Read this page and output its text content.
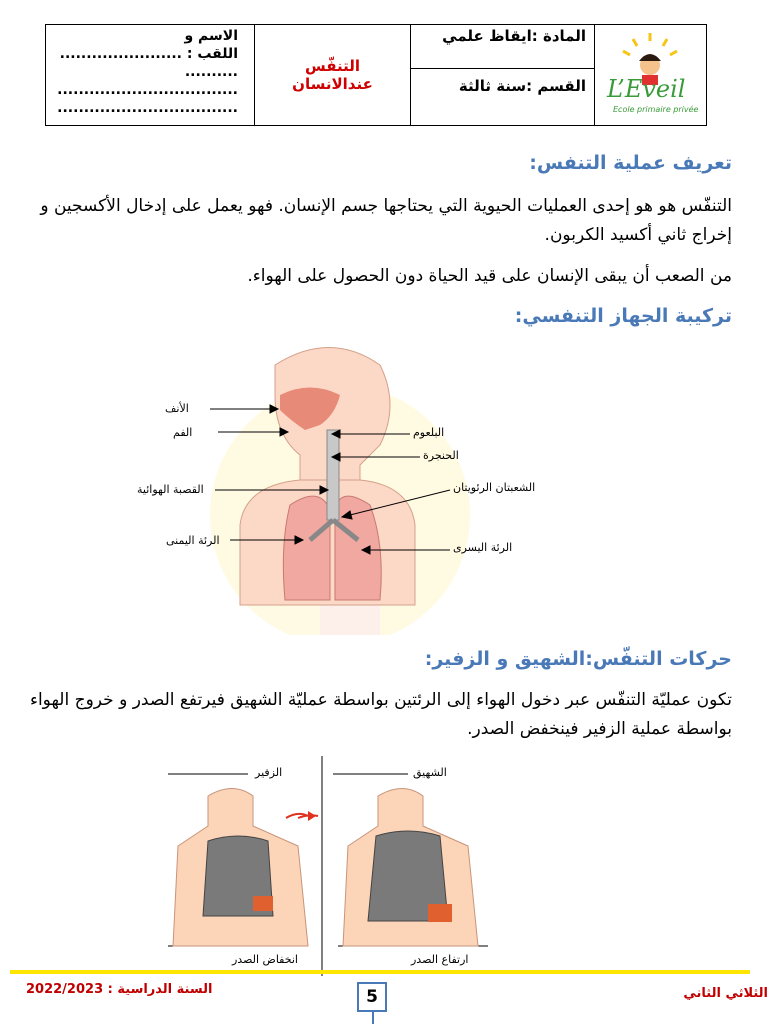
L’Eveil
Ecole primaire privée
المادة :ايقاظ علمي
القسم :سنة ثالثة
التنفّس
عندالانسان
الاسم و
اللقب : .......................
..........
..................................
..................................
تعريف عملية التنفس:
التنفّس هو هو إحدى العمليات الحيوية التي يحتاجها جسم الإنسان. فهو يعمل على إدخال الأكسجين و إخراج ثاني أكسيد الكربون.
من الصعب أن يبقى الإنسان على قيد الحياة دون الحصول على الهواء.
تركيبة الجهاز التنفسي:
الأنف
الفم
القصبة الهوائية
الرئة اليمنى
البلعوم
الحنجرة
الشعبتان الرئويتان
الرئة اليسرى
حركات التنفّس:الشهيق و الزفير:
تكون عمليّة التنفّس عبر دخول الهواء إلى الرئتين بواسطة عمليّة الشهيق فيرتفع الصدر و خروج الهواء بواسطة عملية الزفير فينخفض الصدر.
الزفير	الشهيق
انخفاض الصدر	ارتفاع الصدر
السنة الدراسية : 2022/2023	5	الثلاثي الثاني
